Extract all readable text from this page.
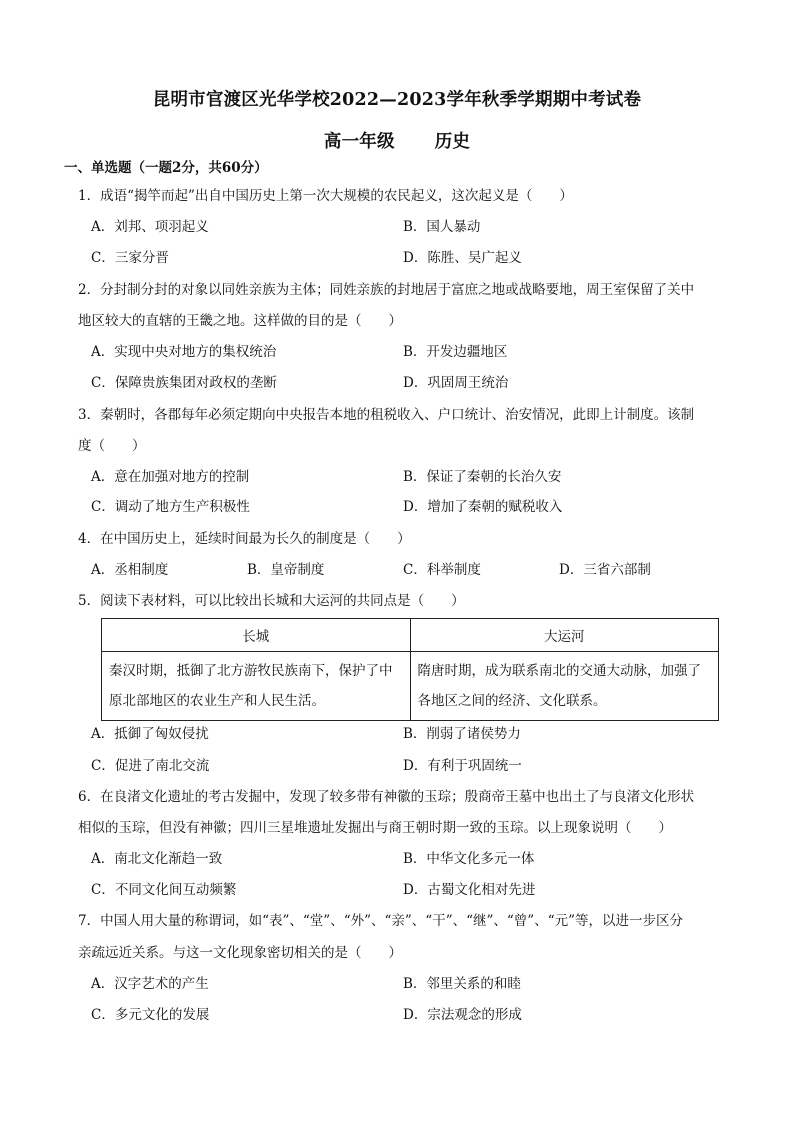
昆明市官渡区光华学校2022—2023学年秋季学期期中考试卷
高一年级 历史
一、单选题（一题2分，共60分）
1．成语“揭竿而起”出自中国历史上第一次大规模的农民起义，这次起义是（　　）
A．刘邦、项羽起义	B．国人暴动
C．三家分晋	D．陈胜、吴广起义
2．分封制分封的对象以同姓亲族为主体；同姓亲族的封地居于富庶之地或战略要地，周王室保留了关中
地区较大的直辖的王畿之地。这样做的目的是（　　）
A．实现中央对地方的集权统治	B．开发边疆地区
C．保障贵族集团对政权的垄断	D．巩固周王统治
3．秦朝时，各郡每年必须定期向中央报告本地的租税收入、户口统计、治安情况，此即上计制度。该制
度（　　）
A．意在加强对地方的控制	B．保证了秦朝的长治久安
C．调动了地方生产积极性	D．增加了秦朝的赋税收入
4．在中国历史上，延续时间最为长久的制度是（　　）
A．丞相制度	B．皇帝制度	C．科举制度	D．三省六部制
5．阅读下表材料，可以比较出长城和大运河的共同点是（　　）
长城	大运河
秦汉时期，抵御了北方游牧民族南下，保护了中原北部地区的农业生产和人民生活。	隋唐时期，成为联系南北的交通大动脉，加强了各地区之间的经济、文化联系。
A．抵御了匈奴侵扰	B．削弱了诸侯势力
C．促进了南北交流	D．有利于巩固统一
6．在良渚文化遗址的考古发掘中，发现了较多带有神徽的玉琮；殷商帝王墓中也出土了与良渚文化形状
相似的玉琮，但没有神徽；四川三星堆遗址发掘出与商王朝时期一致的玉琮。以上现象说明（　　）
A．南北文化渐趋一致	B．中华文化多元一体
C．不同文化间互动频繁	D．古蜀文化相对先进
7．中国人用大量的称谓词，如“表”、“堂”、“外”、“亲”、“干”、“继”、“曾”、“元”等，以进一步区分
亲疏远近关系。与这一文化现象密切相关的是（　　）
A．汉字艺术的产生	B．邻里关系的和睦
C．多元文化的发展	D．宗法观念的形成
